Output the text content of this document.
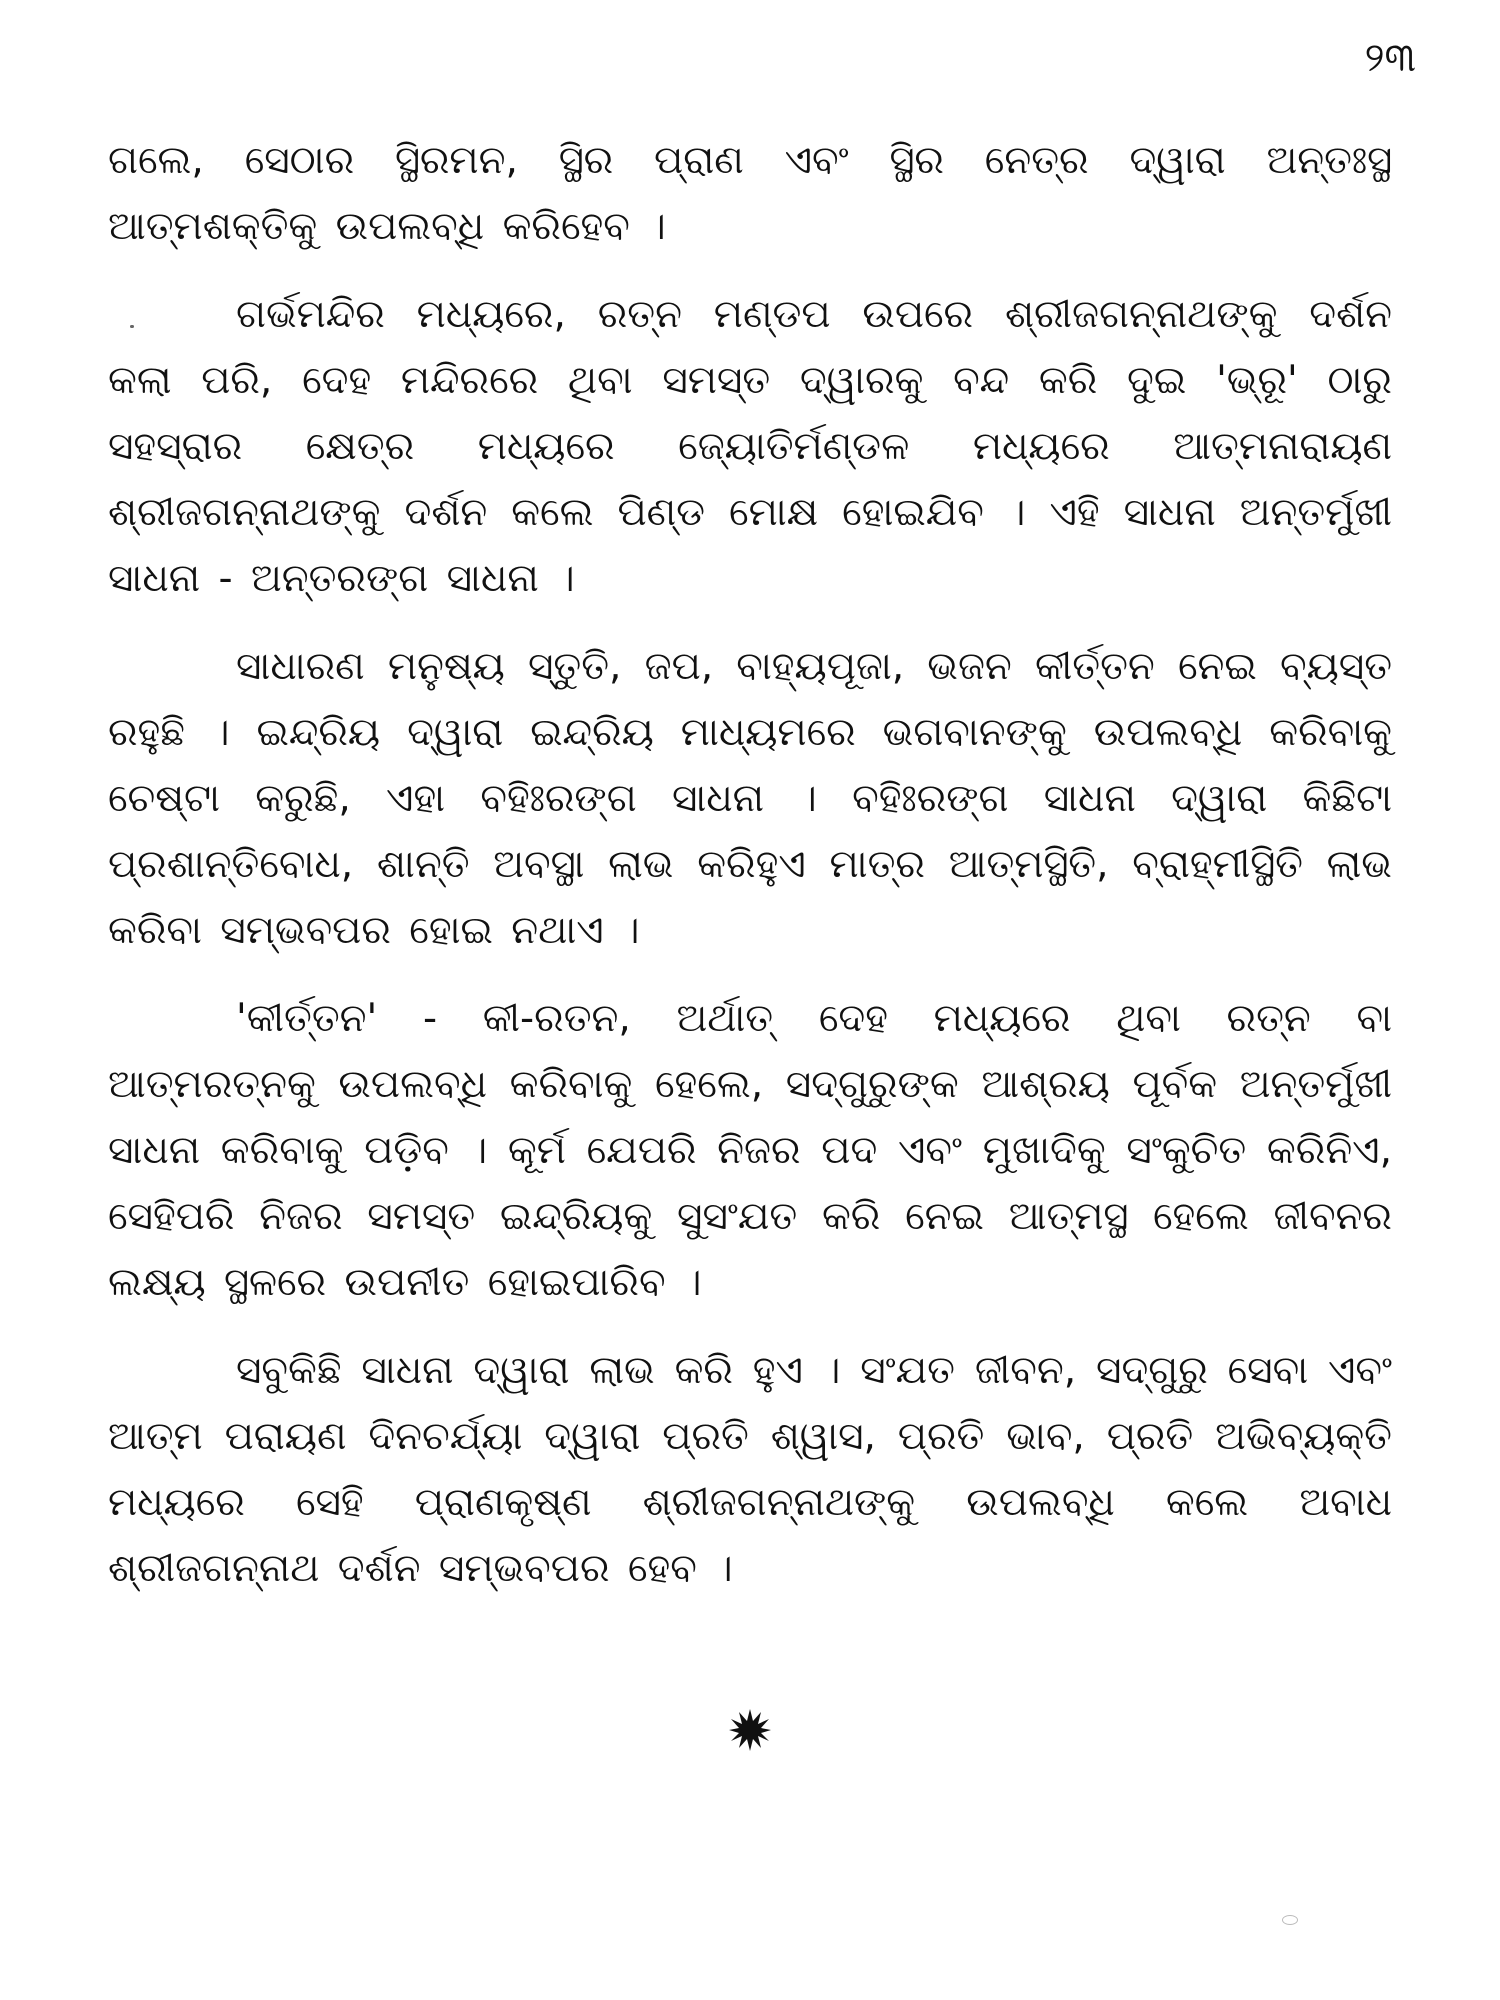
୨୩

ଗଲେ, ସେଠାର ସ୍ଥିରମନ, ସ୍ଥିର ପ୍ରାଣ ଏବଂ ସ୍ଥିର ନେତ୍ର ଦ୍ୱାରା ଅନ୍ତଃସ୍ଥ ଆତ୍ମଶକ୍ତିକୁ ଉପଲବ୍ଧି କରିହେବ ।

ଗର୍ଭମନ୍ଦିର ମଧ୍ୟରେ, ରତ୍ନ ମଣ୍ଡପ ଉପରେ ଶ୍ରୀଜଗନ୍ନାଥଙ୍କୁ ଦର୍ଶନ କଲା ପରି, ଦେହ ମନ୍ଦିରରେ ଥିବା ସମସ୍ତ ଦ୍ୱାରକୁ ବନ୍ଦ କରି ଦୁଇ 'ଭ୍ରୂ' ଠାରୁ ସହସ୍ରାର କ୍ଷେତ୍ର ମଧ୍ୟରେ ଜ୍ୟୋତିର୍ମଣ୍ଡଳ ମଧ୍ୟରେ ଆତ୍ମନାରାୟଣ ଶ୍ରୀଜଗନ୍ନାଥଙ୍କୁ ଦର୍ଶନ କଲେ ପିଣ୍ଡ ମୋକ୍ଷ ହୋଇଯିବ । ଏହି ସାଧନା ଅନ୍ତର୍ମୁଖୀ ସାଧନା - ଅନ୍ତରଙ୍ଗ ସାଧନା ।

ସାଧାରଣ ମନୁଷ୍ୟ ସ୍ତୁତି, ଜପ, ବାହ୍ୟପୂଜା, ଭଜନ କୀର୍ତ୍ତନ ନେଇ ବ୍ୟସ୍ତ ରହୁଛି । ଇନ୍ଦ୍ରିୟ ଦ୍ୱାରା ଇନ୍ଦ୍ରିୟ ମାଧ୍ୟମରେ ଭଗବାନଙ୍କୁ ଉପଲବ୍ଧି କରିବାକୁ ଚେଷ୍ଟା କରୁଛି, ଏହା ବହିଃରଙ୍ଗ ସାଧନା । ବହିଃରଙ୍ଗ ସାଧନା ଦ୍ୱାରା କିଛିଟା ପ୍ରଶାନ୍ତିବୋଧ, ଶାନ୍ତି ଅବସ୍ଥା ଲାଭ କରିହୁଏ ମାତ୍ର ଆତ୍ମସ୍ଥିତି, ବ୍ରାହ୍ମୀସ୍ଥିତି ଲାଭ କରିବା ସମ୍ଭବପର ହୋଇ ନଥାଏ ।

'କୀର୍ତ୍ତନ' - କୀ-ରତନ, ଅର୍ଥାତ୍ ଦେହ ମଧ୍ୟରେ ଥିବା ରତ୍ନ ବା ଆତ୍ମରତ୍ନକୁ ଉପଲବ୍ଧି କରିବାକୁ ହେଲେ, ସଦ୍‌ଗୁରୁଙ୍କ ଆଶ୍ରୟ ପୂର୍ବକ ଅନ୍ତର୍ମୁଖୀ ସାଧନା କରିବାକୁ ପଡ଼ିବ । କୂର୍ମ ଯେପରି ନିଜର ପଦ ଏବଂ ମୁଖାଦିକୁ ସଂକୁଚିତ କରିନିଏ, ସେହିପରି ନିଜର ସମସ୍ତ ଇନ୍ଦ୍ରିୟକୁ ସୁସଂଯତ କରି ନେଇ ଆତ୍ମସ୍ଥ ହେଲେ ଜୀବନର ଲକ୍ଷ୍ୟ ସ୍ଥଳରେ ଉପନୀତ ହୋଇପାରିବ ।

ସବୁକିଛି ସାଧନା ଦ୍ୱାରା ଲାଭ କରି ହୁଏ । ସଂଯତ ଜୀବନ, ସଦ୍‌ଗୁରୁ ସେବା ଏବଂ ଆତ୍ମ ପରାୟଣ ଦିନଚର୍ଯ୍ୟା ଦ୍ୱାରା ପ୍ରତି ଶ୍ୱାସ, ପ୍ରତି ଭାବ, ପ୍ରତି ଅଭିବ୍ୟକ୍ତି ମଧ୍ୟରେ ସେହି ପ୍ରାଣକୃଷ୍ଣ ଶ୍ରୀଜଗନ୍ନାଥଙ୍କୁ ଉପଲବ୍ଧି କଲେ ଅବାଧ ଶ୍ରୀଜଗନ୍ନାଥ ଦର୍ଶନ ସମ୍ଭବପର ହେବ ।
